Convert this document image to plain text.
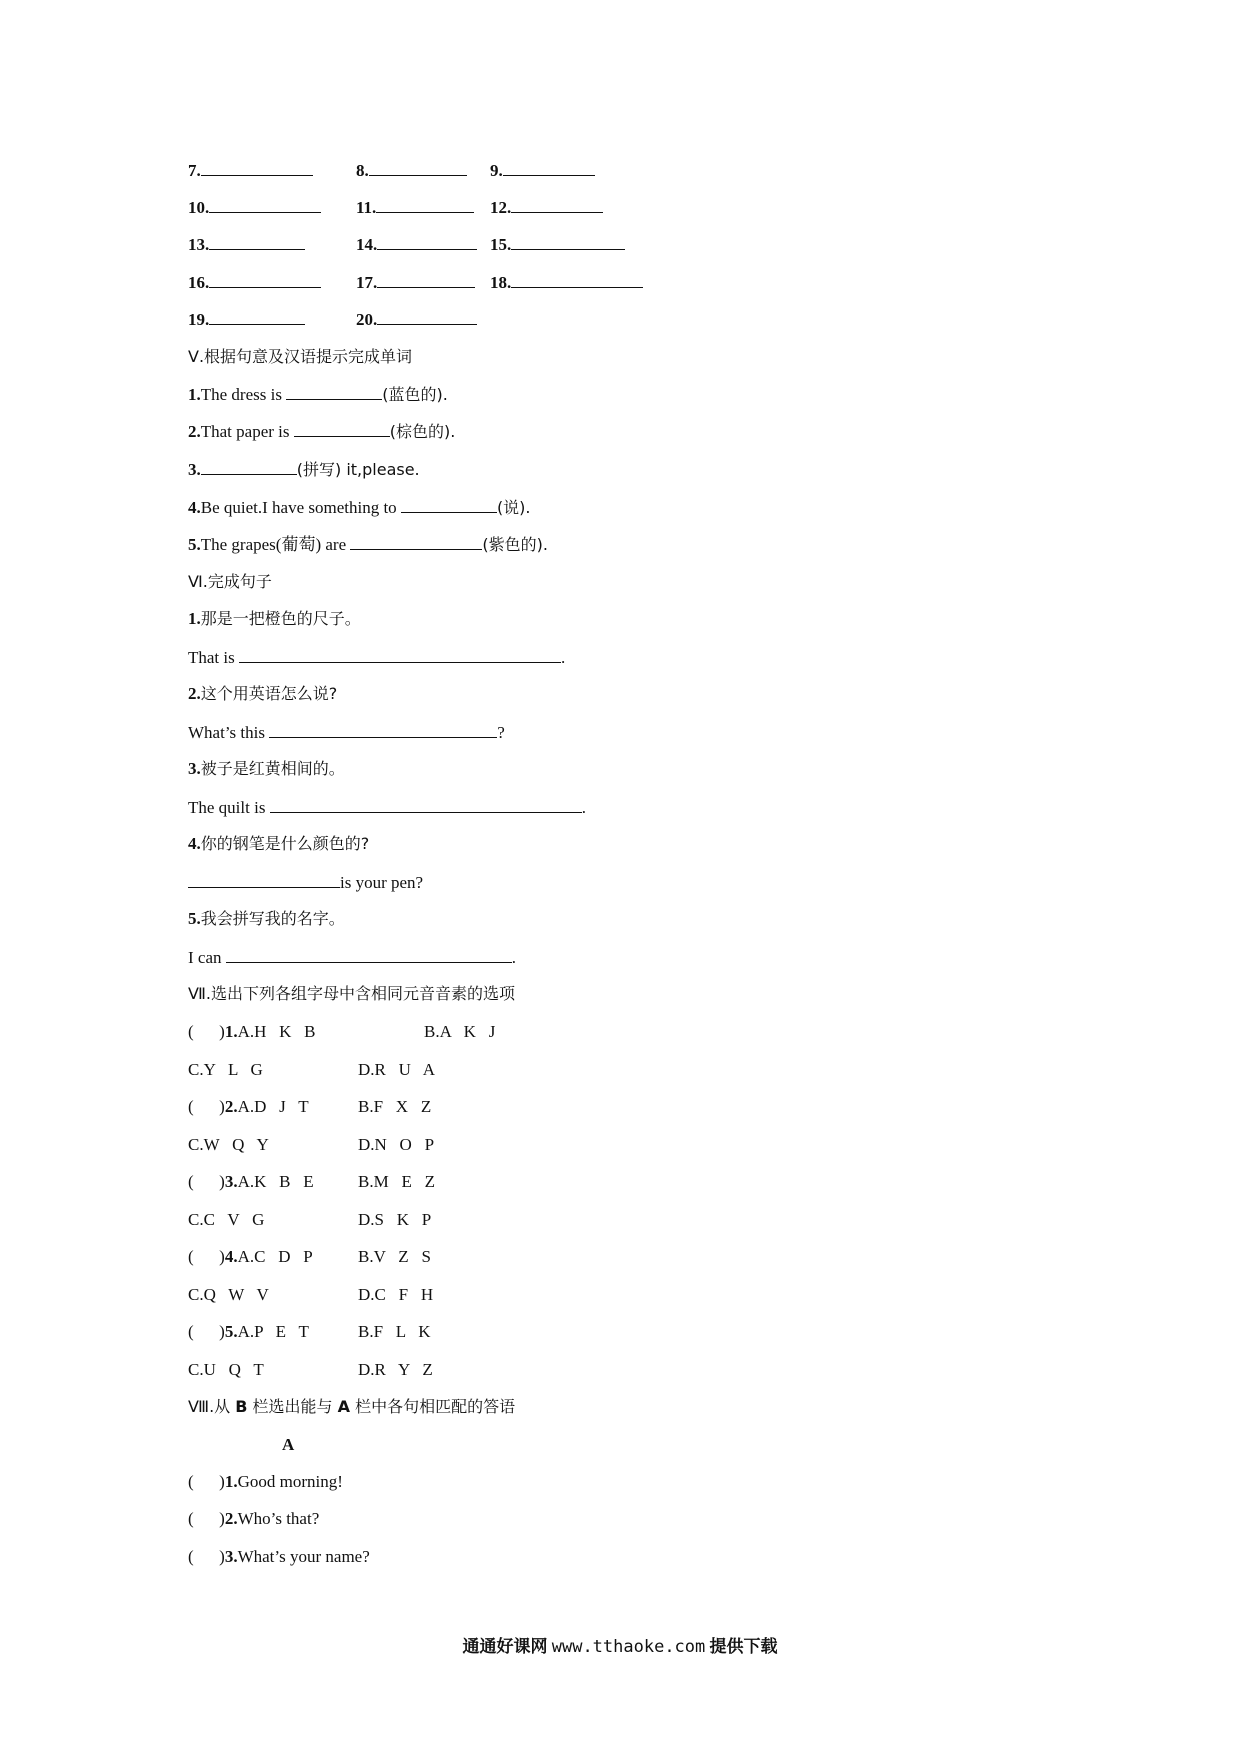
7.	8.	9.
10.	11.	12.
13.	14.	15.
16.	17.	18.
19.	20.
Ⅴ.根据句意及汉语提示完成单词
1.The dress is	(蓝色的).
2.That paper is	(棕色的).
3.	(拼写) it,please.
4.Be quiet.I have something to	(说).
5.The grapes(葡萄) are	(紫色的).
Ⅵ.完成句子
1.那是一把橙色的尺子。
That is	.
2.这个用英语怎么说?
What’s this	?
3.被子是红黄相间的。
The quilt is	.
4.你的钢笔是什么颜色的?
is your pen?
5.我会拼写我的名字。
I can	.
Ⅶ.选出下列各组字母中含相同元音音素的选项
(      )1.A.H   K   B	B.A   K   J
C.Y   L   G	D.R   U   A
(      )2.A.D   J   T	B.F   X   Z
C.W   Q   Y	D.N   O   P
(      )3.A.K   B   E	B.M   E   Z
C.C   V   G	D.S   K   P
(      )4.A.C   D   P	B.V   Z   S
C.Q   W   V	D.C   F   H
(      )5.A.P   E   T	B.F   L   K
C.U   Q   T	D.R   Y   Z
Ⅷ.从 B 栏选出能与 A 栏中各句相匹配的答语
A
(      )1.Good morning!
(      )2.Who’s that?
(      )3.What’s your name?
通通好课网 www.tthaoke.com 提供下载
